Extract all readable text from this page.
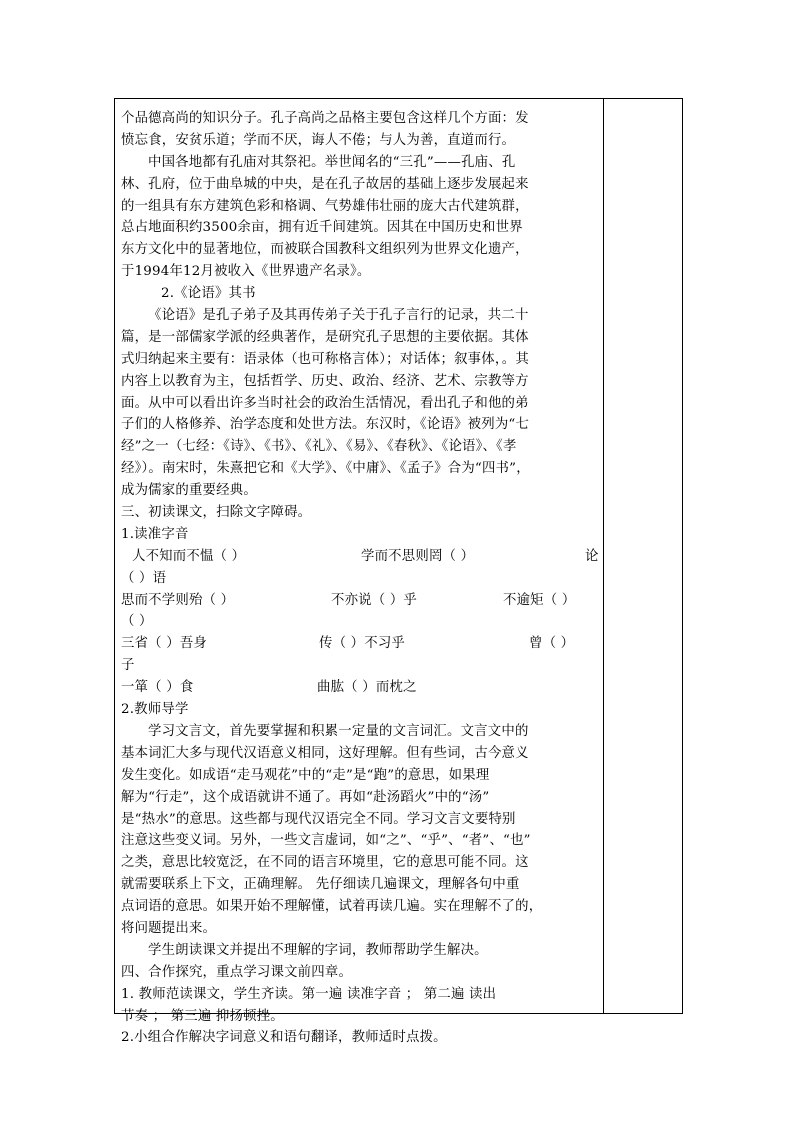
个品德高尚的知识分子。孔子高尚之品格主要包含这样几个方面：发
愤忘食，安贫乐道；学而不厌，诲人不倦；与人为善，直道而行。
中国各地都有孔庙对其祭祀。举世闻名的“三孔”——孔庙、孔
林、孔府，位于曲阜城的中央，是在孔子故居的基础上逐步发展起来
的一组具有东方建筑色彩和格调、气势雄伟壮丽的庞大古代建筑群，
总占地面积约3500余亩，拥有近千间建筑。因其在中国历史和世界
东方文化中的显著地位，而被联合国教科文组织列为世界文化遗产，
于1994年12月被收入《世界遗产名录》。
2.《论语》其书
《论语》是孔子弟子及其再传弟子关于孔子言行的记录，共二十
篇，是一部儒家学派的经典著作，是研究孔子思想的主要依据。其体
式归纳起来主要有：语录体（也可称格言体）；对话体；叙事体，。其
内容上以教育为主，包括哲学、历史、政治、经济、艺术、宗教等方
面。从中可以看出许多当时社会的政治生活情况，看出孔子和他的弟
子们的人格修养、治学态度和处世方法。东汉时，《论语》被列为“七
经”之一（七经：《诗》、《书》、《礼》、《易》、《春秋》、《论语》、《孝
经》）。南宋时，朱熹把它和《大学》、《中庸》、《孟子》合为“四书”，
成为儒家的重要经典。
三、初读课文，扫除文字障碍。
1.读准字音
人不知而不愠（ ）	学而不思则罔（ ）	论
（ ）语
思而不学则殆（ ）	不亦说（ ）乎	不逾矩（ ）
（ ）
三省（ ）吾身	传（ ）不习乎	曾（ ）
子
一箪（ ）食	曲肱（ ）而枕之
2.教师导学
学习文言文，首先要掌握和积累一定量的文言词汇。文言文中的
基本词汇大多与现代汉语意义相同，这好理解。但有些词，古今意义
发生变化。如成语“走马观花”中的“走”是“跑”的意思，如果理
解为“行走”，这个成语就讲不通了。再如“赴汤蹈火”中的“汤”
是“热水”的意思。这些都与现代汉语完全不同。学习文言文要特别
注意这些变义词。另外，一些文言虚词，如“之”、“乎”、“者”、“也”
之类，意思比较宽泛，在不同的语言环境里，它的意思可能不同。这
就需要联系上下文，正确理解。 先仔细读几遍课文，理解各句中重
点词语的意思。如果开始不理解懂，试着再读几遍。实在理解不了的，
将问题提出来。
学生朗读课文并提出不理解的字词，教师帮助学生解决。
四、合作探究，重点学习课文前四章。
1. 教师范读课文，学生齐读。第一遍 读准字音 ； 第二遍 读出
节奏 ； 第三遍 抑扬顿挫。
2.小组合作解决字词意义和语句翻译，教师适时点拨。
